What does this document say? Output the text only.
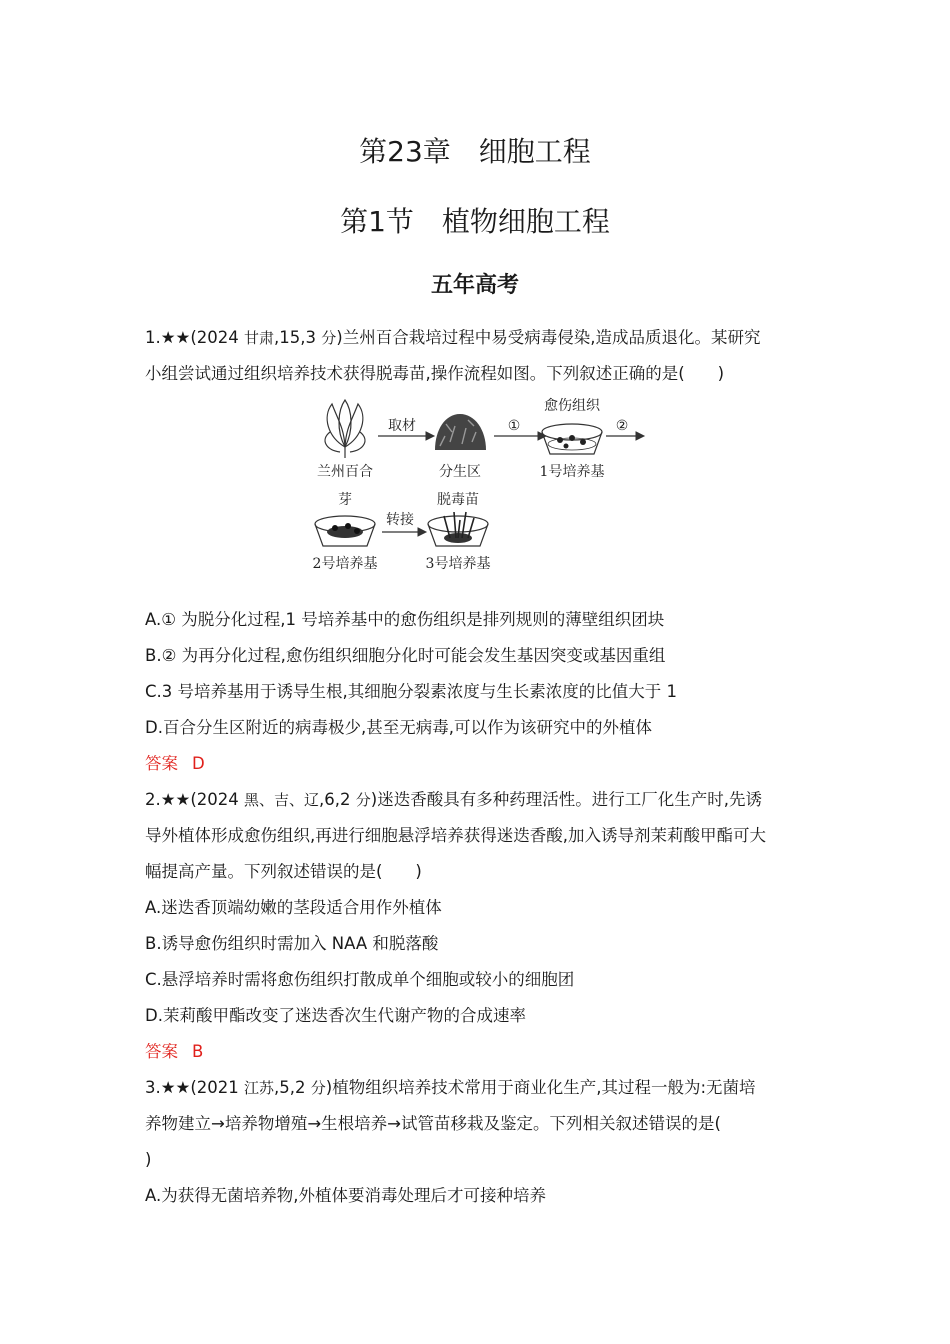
第23章　细胞工程
第1节　植物细胞工程
五年高考
1.★★(2024 甘肃,15,3 分)兰州百合栽培过程中易受病毒侵染,造成品质退化。某研究
小组尝试通过组织培养技术获得脱毒苗,操作流程如图。下列叙述正确的是(　　)
兰州百合
取材
分生区
①
愈伤组织
1号培养基
②
芽
2号培养基
转接
脱毒苗
3号培养基
A.① 为脱分化过程,1 号培养基中的愈伤组织是排列规则的薄壁组织团块
B.② 为再分化过程,愈伤组织细胞分化时可能会发生基因突变或基因重组
C.3 号培养基用于诱导生根,其细胞分裂素浓度与生长素浓度的比值大于 1
D.百合分生区附近的病毒极少,甚至无病毒,可以作为该研究中的外植体
答案 D
2.★★(2024 黑、吉、辽,6,2 分)迷迭香酸具有多种药理活性。进行工厂化生产时,先诱
导外植体形成愈伤组织,再进行细胞悬浮培养获得迷迭香酸,加入诱导剂茉莉酸甲酯可大
幅提高产量。下列叙述错误的是(　　)
A.迷迭香顶端幼嫩的茎段适合用作外植体
B.诱导愈伤组织时需加入 NAA 和脱落酸
C.悬浮培养时需将愈伤组织打散成单个细胞或较小的细胞团
D.茉莉酸甲酯改变了迷迭香次生代谢产物的合成速率
答案 B
3.★★(2021 江苏,5,2 分)植物组织培养技术常用于商业化生产,其过程一般为:无菌培
养物建立→培养物增殖→生根培养→试管苗移栽及鉴定。下列相关叙述错误的是(
)
A.为获得无菌培养物,外植体要消毒处理后才可接种培养
